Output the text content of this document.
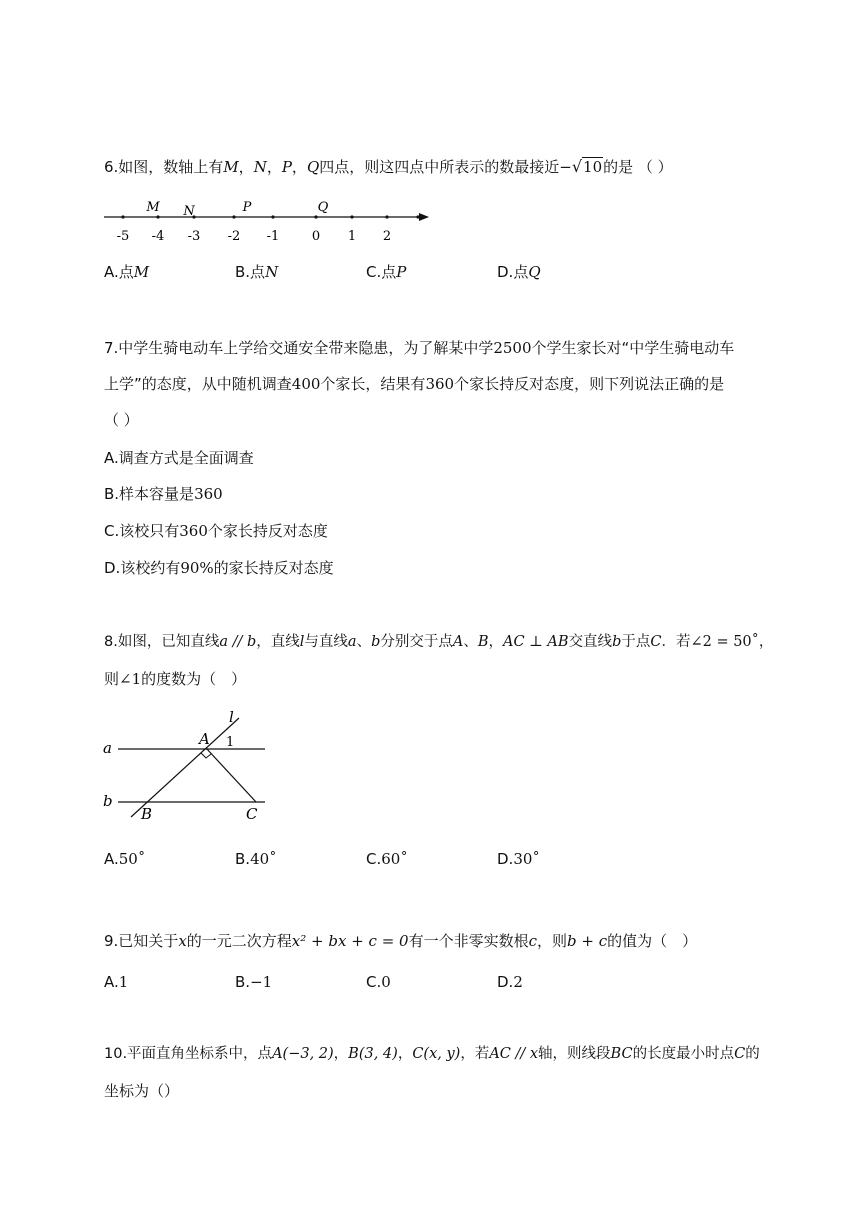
6.如图，数轴上有M，N，P，Q四点，则这四点中所表示的数最接近−√10的是 （ ）
-5 -4 -3 -2 -1	0 1 2
M N	P	Q
A.点M	B.点N	C.点P	D.点Q
7.中学生骑电动车上学给交通安全带来隐患，为了解某中学2500个学生家长对“中学生骑电动车
上学”的态度，从中随机调查400个家长，结果有360个家长持反对态度，则下列说法正确的是
（ ）
A.调查方式是全面调查
B.样本容量是360
C.该校只有360个家长持反对态度
D.该校约有90%的家长持反对态度
8.如图，已知直线a // b，直线l与直线a、b分别交于点A、B，AC ⊥ AB交直线b于点C．若∠2 = 50˚，
则∠1的度数为（　）
l
a
b
A
B	C
1
A.50˚	B.40˚	C.60˚	D.30˚
9.已知关于x的一元二次方程x² + bx + c = 0有一个非零实数根c，则b + c的值为（　）
A.1	B.−1	C.0	D.2
10.平面直角坐标系中，点A(−3, 2)，B(3, 4)，C(x, y)，若AC // x轴，则线段BC的长度最小时点C的
坐标为（）
